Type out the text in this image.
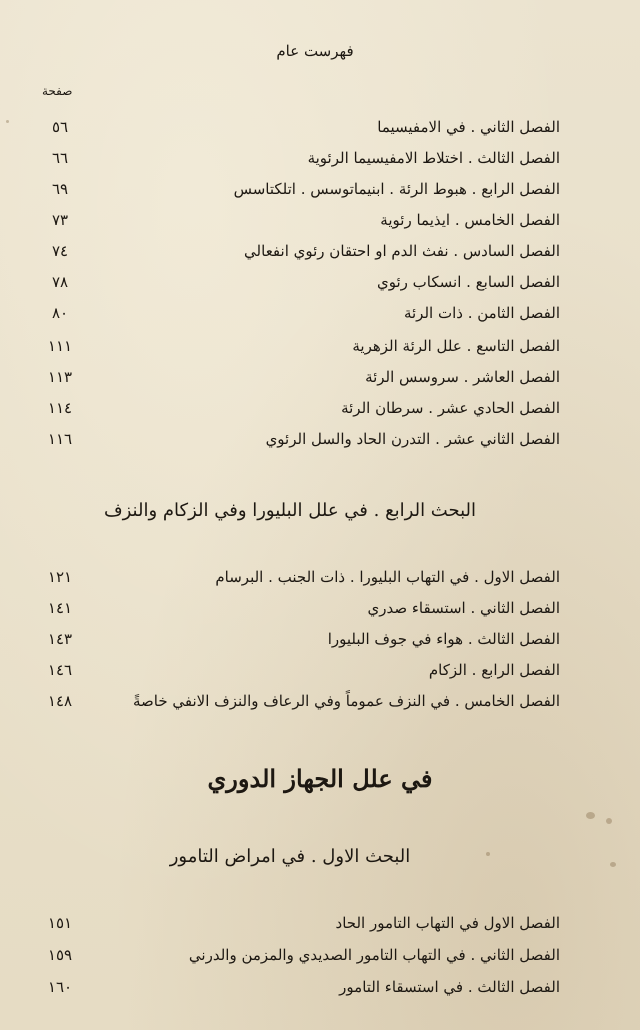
فهرست عام
صفحة
الفصل الثاني . في الامفيسيما
٥٦
الفصل الثالث . اختلاط الامفيسيما الرئوية
٦٦
الفصل الرابع . هبوط الرئة . ابنيماتوسس . اتلكتاسس
٦٩
الفصل الخامس . ايذيما رئوية
٧٣
الفصل السادس . نفث الدم او احتقان رئوي انفعالي
٧٤
الفصل السابع . انسكاب رئوي
٧٨
الفصل الثامن . ذات الرئة
٨٠
الفصل التاسع . علل الرئة الزهرية
١١١
الفصل العاشر . سروسس الرئة
١١٣
الفصل الحادي عشر . سرطان الرئة
١١٤
الفصل الثاني عشر . التدرن الحاد والسل الرئوي
١١٦
البحث الرابع . في علل البليورا وفي الزكام والنزف
الفصل الاول . في التهاب البليورا . ذات الجنب . البرسام
١٢١
الفصل الثاني . استسقاء صدري
١٤١
الفصل الثالث . هواء في جوف البليورا
١٤٣
الفصل الرابع . الزكام
١٤٦
الفصل الخامس . في النزف عموماً وفي الرعاف والنزف الانفي خاصةً
١٤٨
في علل الجهاز الدوري
البحث الاول . في امراض التامور
الفصل الاول في التهاب التامور الحاد
١٥١
الفصل الثاني . في التهاب التامور الصديدي والمزمن والدرني
١٥٩
الفصل الثالث . في استسقاء التامور
١٦٠
